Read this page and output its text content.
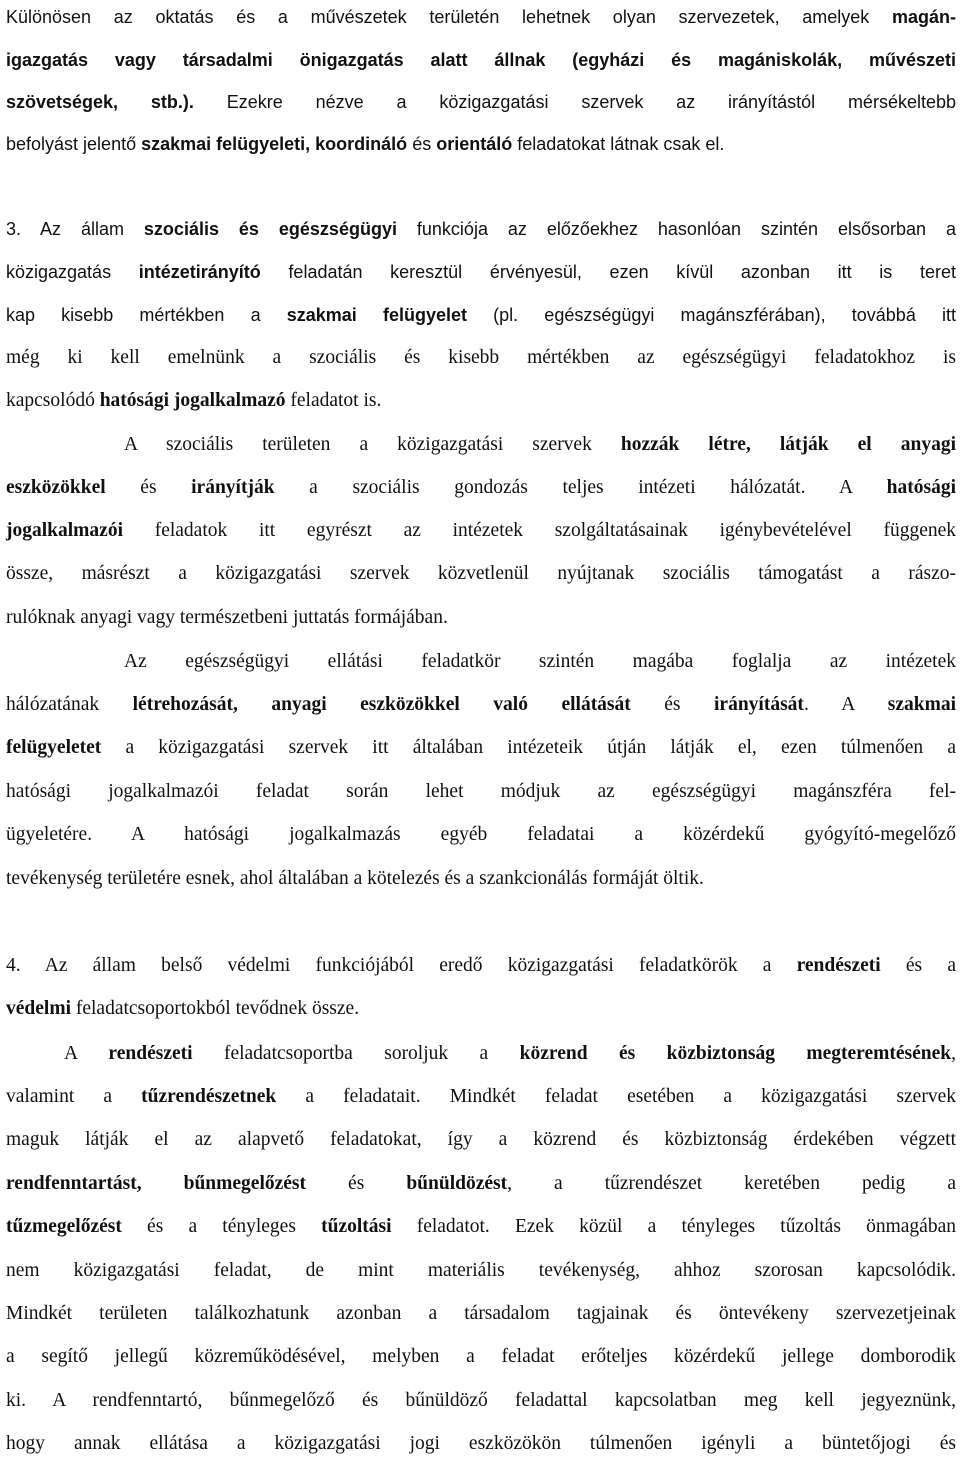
Különösen az oktatás és a művészetek területén lehetnek olyan szervezetek, amelyek magán-

igazgatás vagy társadalmi önigazgatás alatt állnak (egyházi és magániskolák, művészeti

szövetségek, stb.). Ezekre nézve a közigazgatási szervek az irányítástól mérsékeltebb

befolyást jelentő szakmai felügyeleti, koordináló és orientáló feladatokat látnak csak el.

3. Az állam szociális és egészségügyi funkciója az előzőekhez hasonlóan szintén elsősorban a

közigazgatás intézetirányító feladatán keresztül érvényesül, ezen kívül azonban itt is teret

kap kisebb mértékben a szakmai felügyelet (pl. egészségügyi magánszférában), továbbá itt

még ki kell emelnünk a szociális és kisebb mértékben az egészségügyi feladatokhoz is

kapcsolódó hatósági jogalkalmazó feladatot is.

A szociális területen a közigazgatási szervek hozzák létre, látják el anyagi

eszközökkel és irányítják a szociális gondozás teljes intézeti hálózatát. A hatósági

jogalkalmazói feladatok itt egyrészt az intézetek szolgáltatásainak igénybevételével függenek

össze, másrészt a közigazgatási szervek közvetlenül nyújtanak szociális támogatást a rászo-

rulóknak anyagi vagy természetbeni juttatás formájában.

Az egészségügyi ellátási feladatkör szintén magába foglalja az intézetek

hálózatának létrehozását, anyagi eszközökkel való ellátását és irányítását. A szakmai

felügyeletet a közigazgatási szervek itt általában intézeteik útján látják el, ezen túlmenően a

hatósági jogalkalmazói feladat során lehet módjuk az egészségügyi magánszféra fel-

ügyeletére. A hatósági jogalkalmazás egyéb feladatai a közérdekű gyógyító-megelőző

tevékenység területére esnek, ahol általában a kötelezés és a szankcionálás formáját öltik.

4. Az állam belső védelmi funkciójából eredő közigazgatási feladatkörök a rendészeti és a

védelmi feladatcsoportokból tevődnek össze.

A rendészeti feladatcsoportba soroljuk a közrend és közbiztonság megteremtésének,

valamint a tűzrendészetnek a feladatait. Mindkét feladat esetében a közigazgatási szervek

maguk látják el az alapvető feladatokat, így a közrend és közbiztonság érdekében végzett

rendfenntartást, bűnmegelőzést és bűnüldözést, a tűzrendészet keretében pedig a

tűzmegelőzést és a tényleges tűzoltási feladatot. Ezek közül a tényleges tűzoltás önmagában

nem közigazgatási feladat, de mint materiális tevékenység, ahhoz szorosan kapcsolódik.

Mindkét területen találkozhatunk azonban a társadalom tagjainak és öntevékeny szervezetjeinak

a segítő jellegű közreműködésével, melyben a feladat erőteljes közérdekű jellege domborodik

ki. A rendfenntartó, bűnmegelőző és bűnüldöző feladattal kapcsolatban meg kell jegyeznünk,

hogy annak ellátása a közigazgatási jogi eszközökön túlmenően igényli a büntetőjogi és
